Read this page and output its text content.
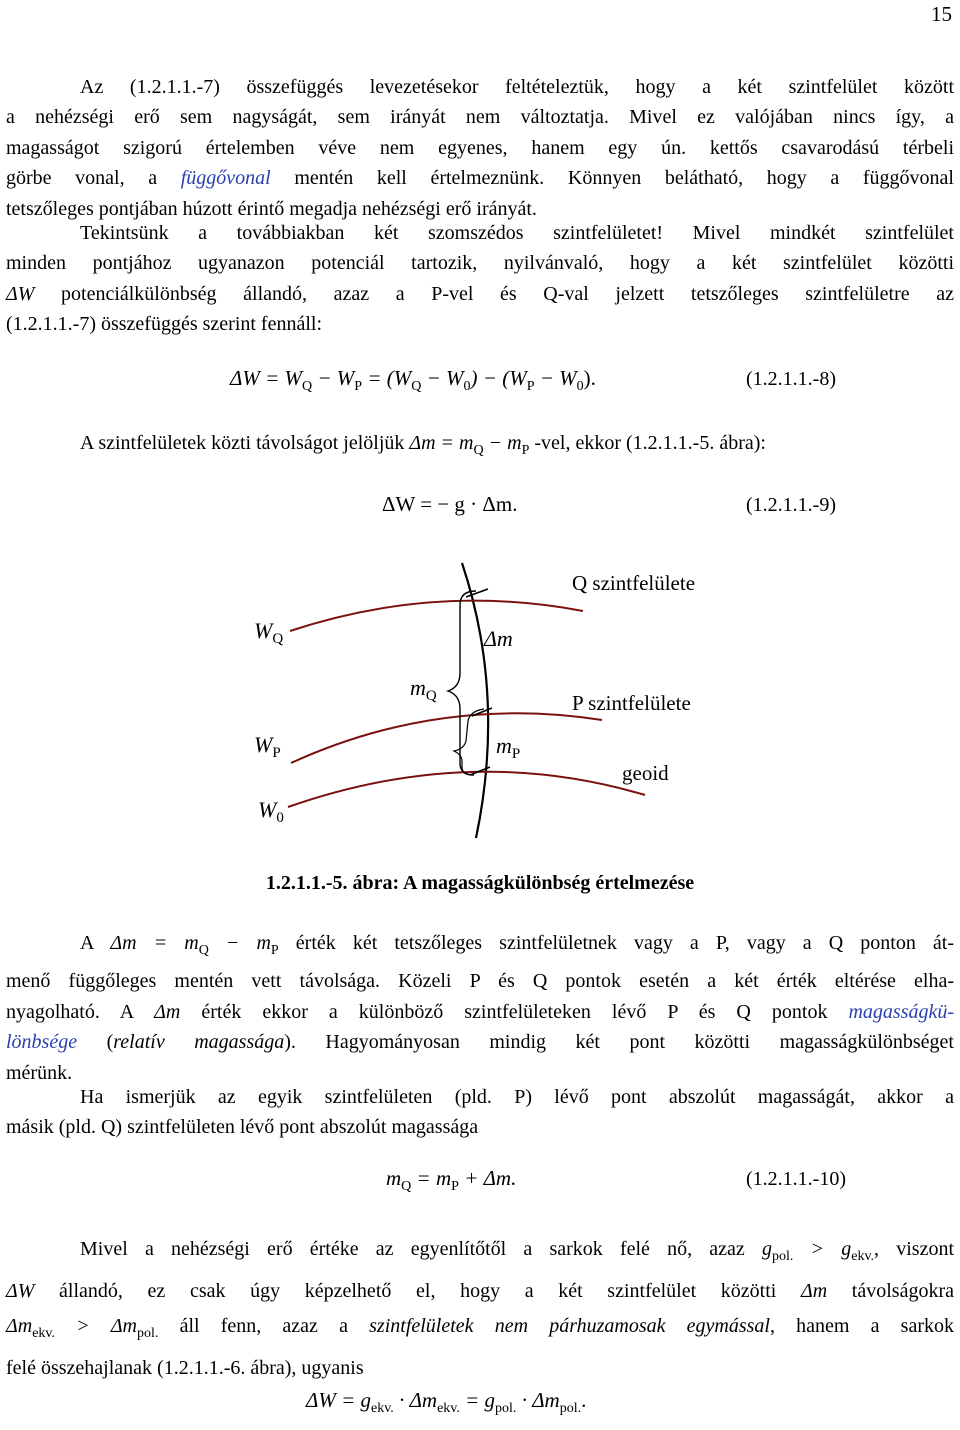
15
Az (1.2.1.1.-7) összefüggés levezetésekor feltételeztük, hogy a két szintfelület között
a nehézségi erő sem nagyságát, sem irányát nem változtatja. Mivel ez valójában nincs így, a
magasságot szigorú értelemben véve nem egyenes, hanem egy ún. kettős csavarodású térbeli
görbe vonal, a függővonal mentén kell értelmeznünk. Könnyen belátható, hogy a függővonal
tetszőleges pontjában húzott érintő megadja nehézségi erő irányát.
Tekintsünk a továbbiakban két szomszédos szintfelületet! Mivel mindkét szintfelület
minden pontjához ugyanazon potenciál tartozik, nyilvánvaló, hogy a két szintfelület közötti
ΔW potenciálkülönbség állandó, azaz a P-vel és Q-val jelzett tetszőleges szintfelületre az
(1.2.1.1.-7) összefüggés szerint fennáll:
$\Delta W = W_Q - W_P = (W_Q - W_0) - (W_P - W_0)$.	(1.2.1.1.-8)
A szintfelületek közti távolságot jelöljük $\Delta m = m_Q - m_P$ -vel, ekkor (1.2.1.1.-5. ábra):
ΔW = − g · Δm.	(1.2.1.1.-9)
Q szintfelülete
P szintfelülete
geoid
$W_Q$
$W_P$
$W_0$
Δm
$m_Q$
$m_P$
1.2.1.1.-5. ábra: A magasságkülönbség értelmezése
A $\Delta m = m_Q - m_P$ érték két tetszőleges szintfelületnek vagy a P, vagy a Q ponton át-
menő függőleges mentén vett távolsága. Közeli P és Q pontok esetén a két érték eltérése elha-
nyagolható. A Δm érték ekkor a különböző szintfelületeken lévő P és Q pontok magasságkü-
lönbsége (relatív magassága). Hagyományosan mindig két pont közötti magasságkülönbséget
mérünk.
Ha ismerjük az egyik szintfelületen (pld. P) lévő pont abszolút magasságát, akkor a
másik (pld. Q) szintfelületen lévő pont abszolút magassága
$m_Q = m_P + \Delta m$.	(1.2.1.1.-10)
Mivel a nehézségi erő értéke az egyenlítőtől a sarkok felé nő, azaz $g_{pol.} > g_{ekv.}$, viszont
ΔW állandó, ez csak úgy képzelhető el, hogy a két szintfelület közötti Δm távolságokra
$\Delta m_{ekv.} > \Delta m_{pol.}$ áll fenn, azaz a szintfelületek nem párhuzamosak egymással, hanem a sarkok
felé összehajlanak (1.2.1.1.-6. ábra), ugyanis
$\Delta W = g_{ekv.} \cdot \Delta m_{ekv.} = g_{pol.} \cdot \Delta m_{pol.}$.
